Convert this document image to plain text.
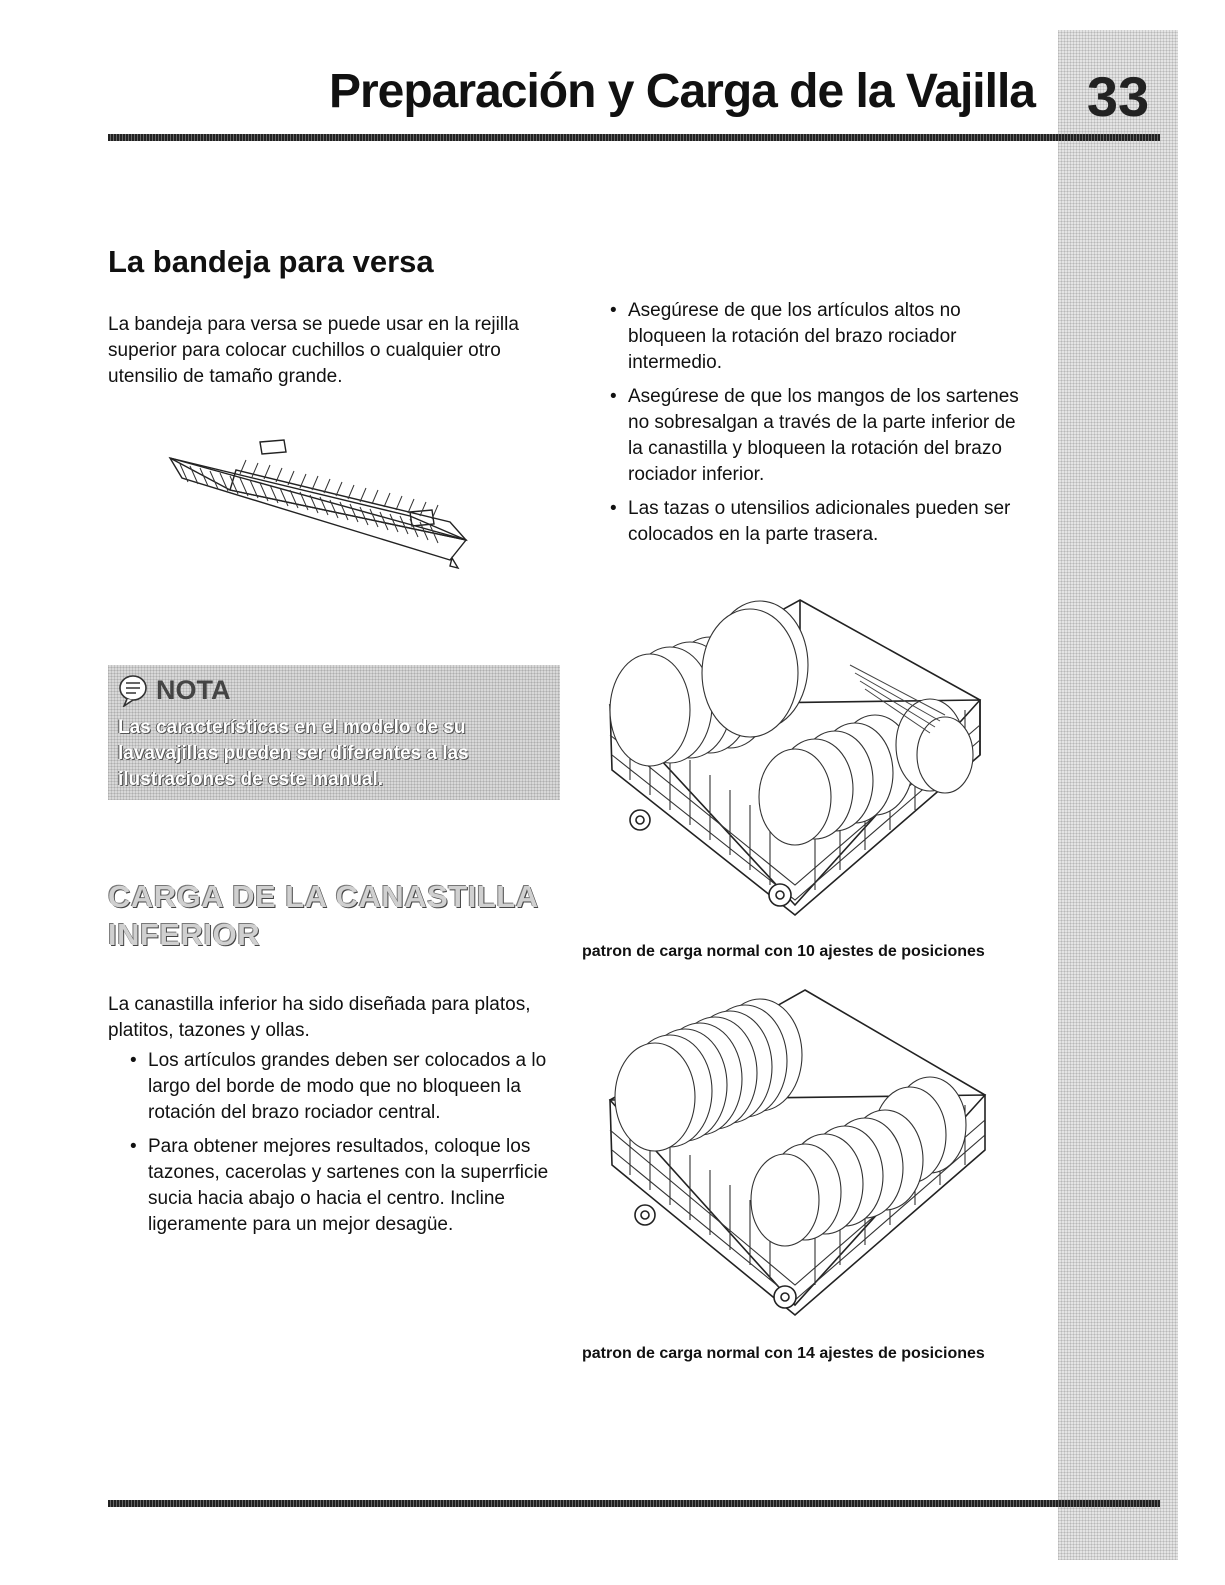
Preparación y Carga de la Vajilla 33
La bandeja para versa

La bandeja para versa se puede usar en la rejilla superior para colocar cuchillos o cualquier otro utensilio de tamaño grande.

• Asegúrese de que los artículos altos no bloqueen la rotación del brazo rociador intermedio.
• Asegúrese de que los mangos de los sartenes no sobresalgan a través de la parte inferior de la canastilla y bloqueen la rotación del brazo rociador inferior.
• Las tazas o utensilios adicionales pueden ser colocados en la parte trasera.
NOTA

Las características en el modelo de su lavavajillas pueden ser diferentes a las ilustraciones de este manual.

CARGA DE LA CANASTILLA INFERIOR

La canastilla inferior ha sido diseñada para platos, platitos, tazones y ollas.

• Los artículos grandes deben ser colocados a lo largo del borde de modo que no bloqueen la rotación del brazo rociador central.
• Para obtener mejores resultados, coloque los tazones, cacerolas y sartenes con la superrficie sucia hacia abajo o hacia el centro. Incline ligeramente para un mejor desagüe.

patron de carga normal con 10 ajestes de posiciones

patron de carga normal con 14 ajestes de posiciones
